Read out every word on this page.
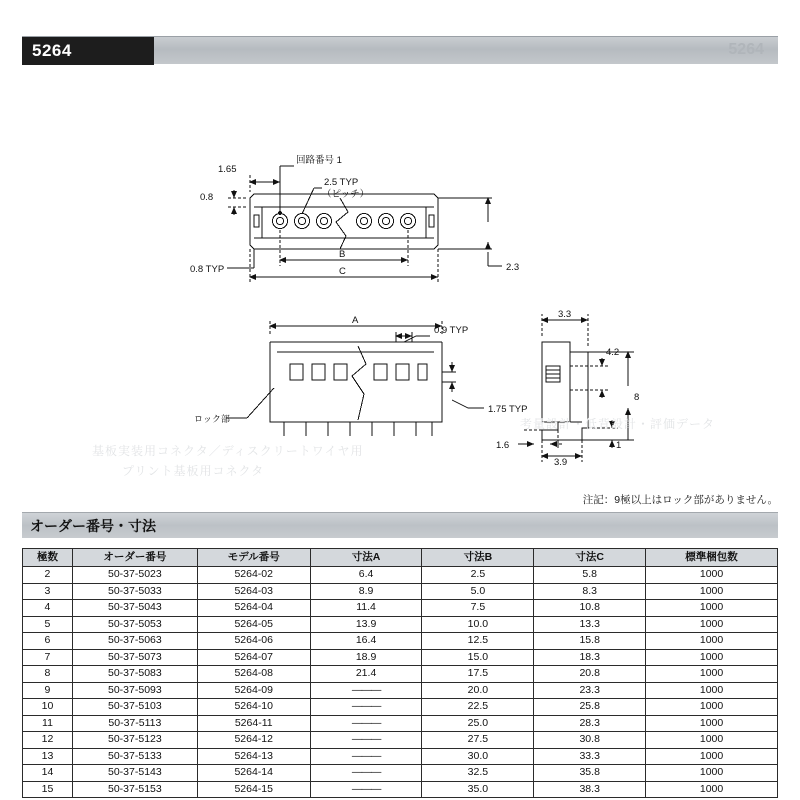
5264	5264
考量設計・低背設計・評価データ
基板実装用コネクタ／ディスクリートワイヤ用
プリント基板用コネクタ
回路番号 1
2.5 TYP
（ピッチ）
1.65
0.8
0.8 TYP
B
C	2.3
A
0.9 TYP
1.75 TYP
ロック部
3.3
4.2
8
1.6
3.9
1
注記：9極以上はロック部がありません。
オーダー番号・寸法
極数	オーダー番号	モデル番号	寸法A	寸法B	寸法C	標準梱包数
2	50-37-5023	5264-02	6.4	2.5	5.8	1000
3	50-37-5033	5264-03	8.9	5.0	8.3	1000
4	50-37-5043	5264-04	11.4	7.5	10.8	1000
5	50-37-5053	5264-05	13.9	10.0	13.3	1000
6	50-37-5063	5264-06	16.4	12.5	15.8	1000
7	50-37-5073	5264-07	18.9	15.0	18.3	1000
8	50-37-5083	5264-08	21.4	17.5	20.8	1000
9	50-37-5093	5264-09	———	20.0	23.3	1000
10	50-37-5103	5264-10	———	22.5	25.8	1000
11	50-37-5113	5264-11	———	25.0	28.3	1000
12	50-37-5123	5264-12	———	27.5	30.8	1000
13	50-37-5133	5264-13	———	30.0	33.3	1000
14	50-37-5143	5264-14	———	32.5	35.8	1000
15	50-37-5153	5264-15	———	35.0	38.3	1000
